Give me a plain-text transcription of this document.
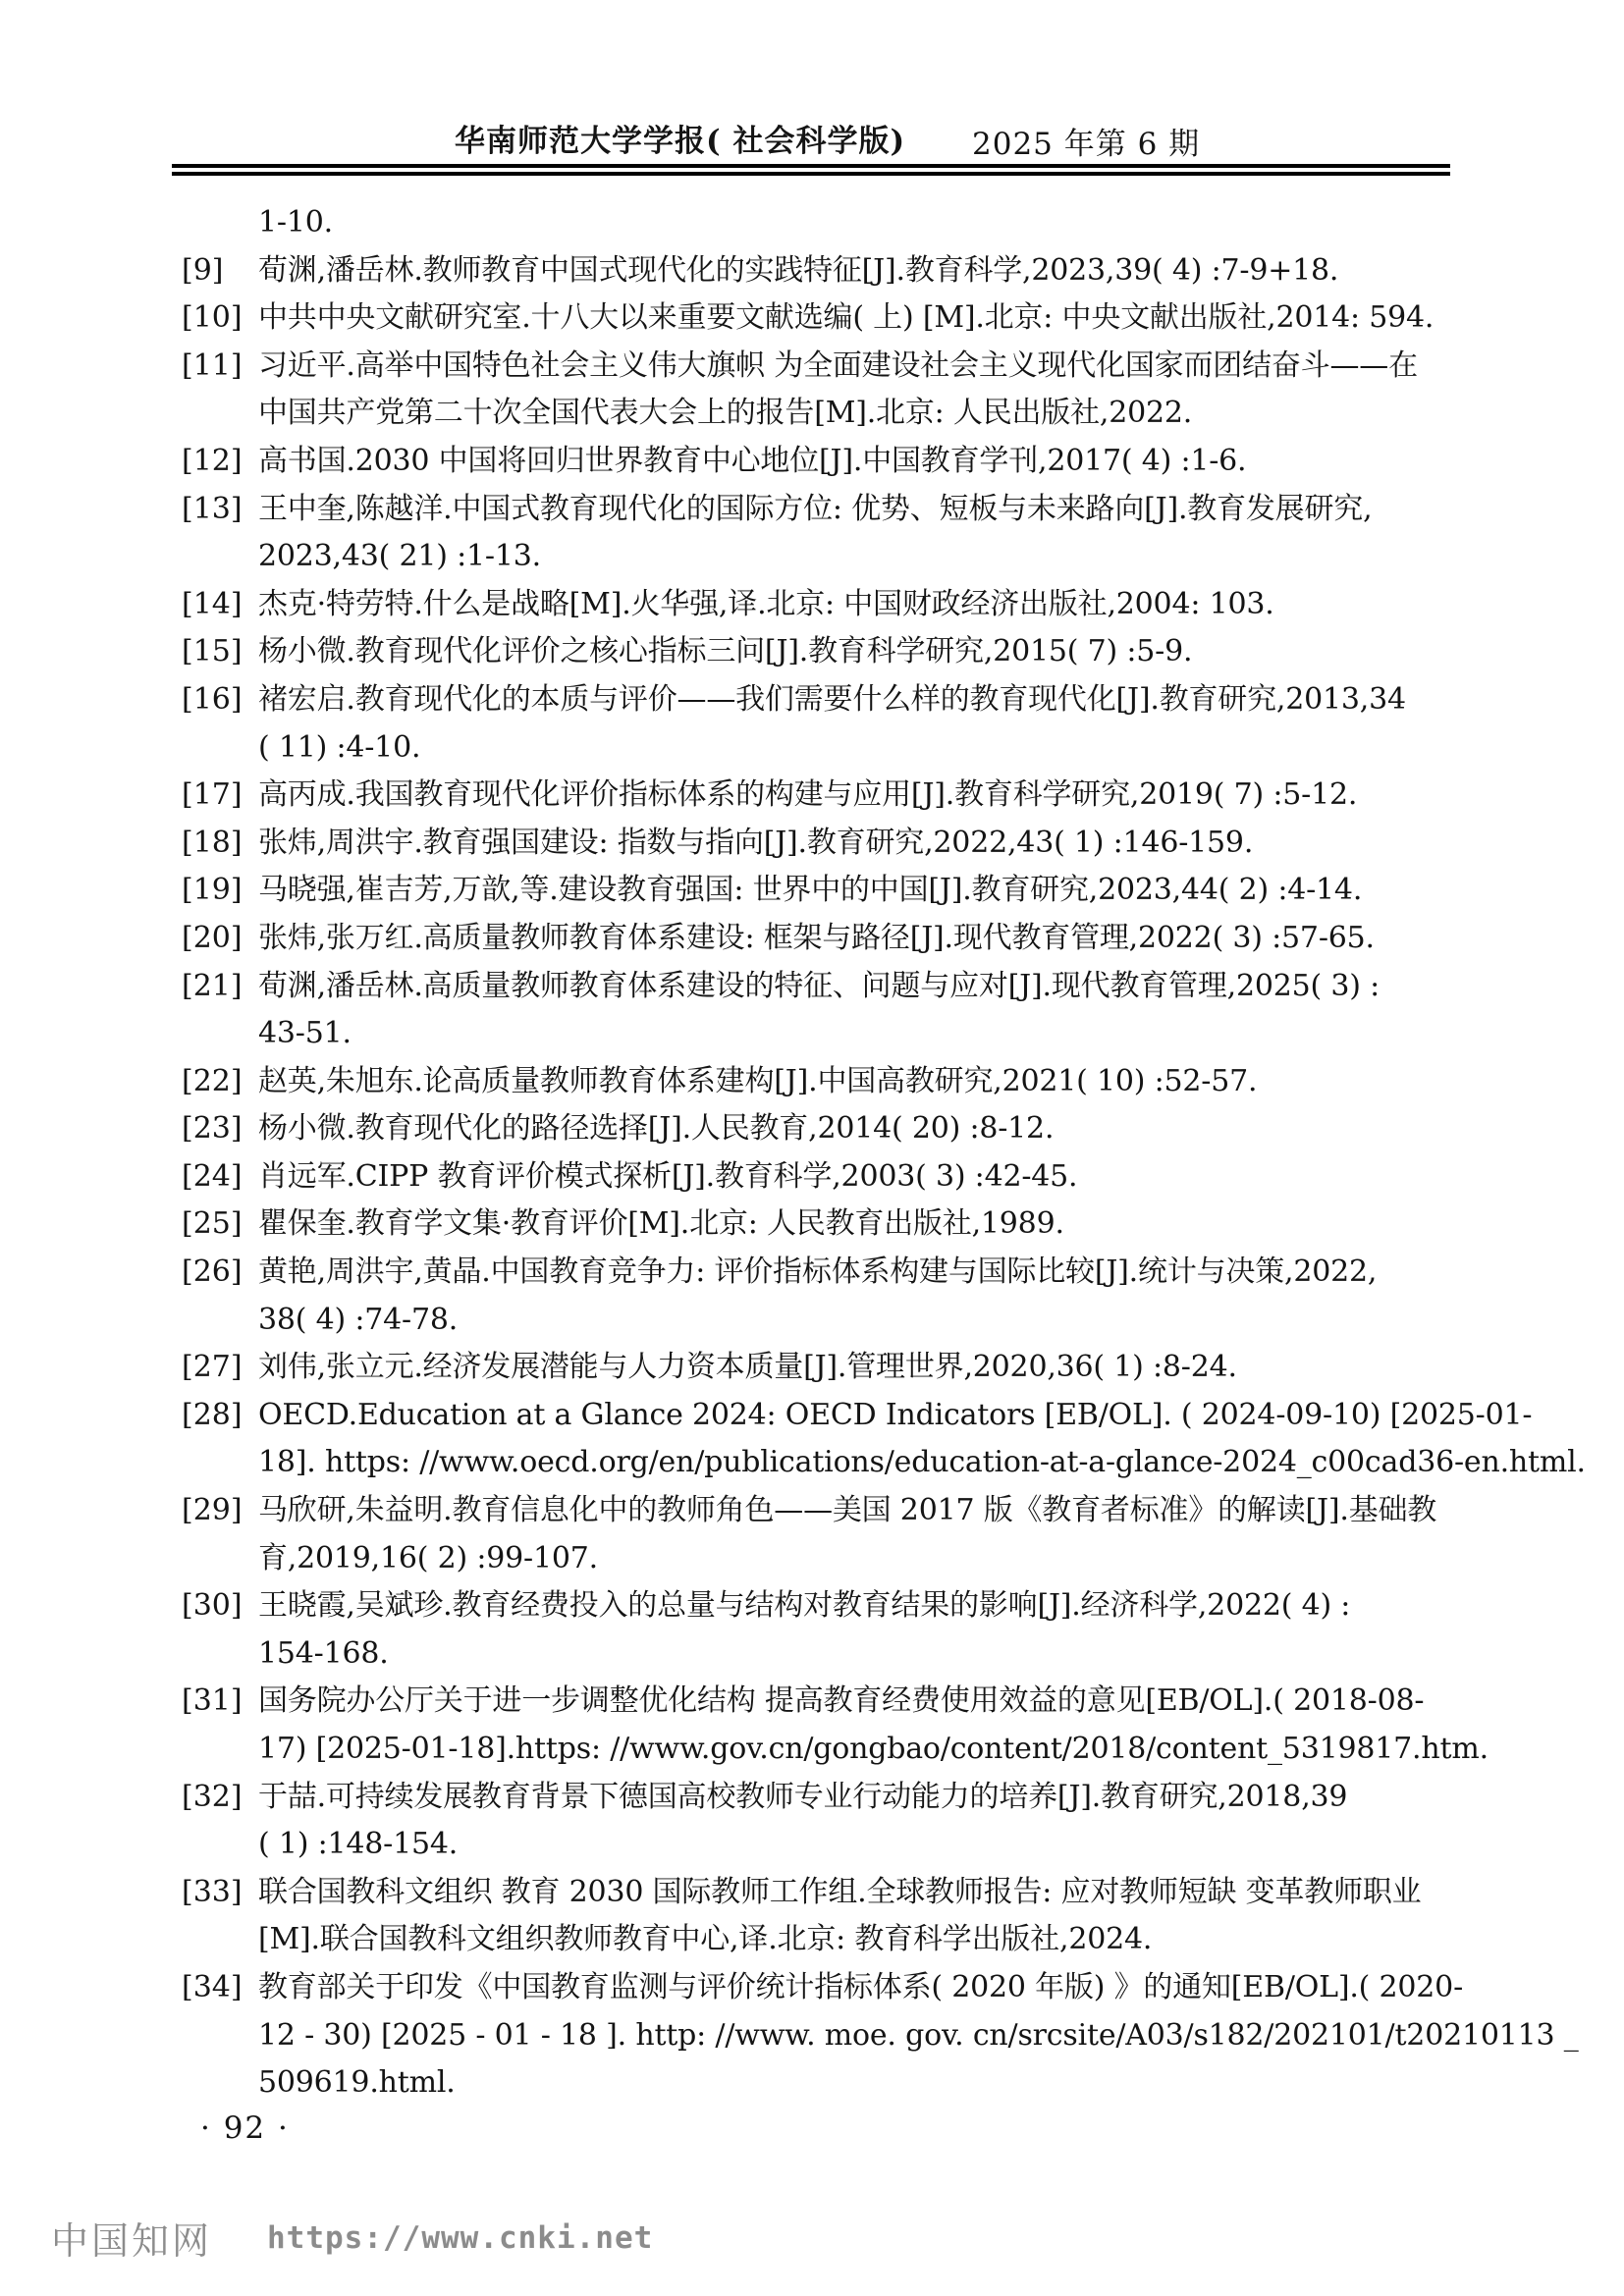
华南师范大学学报( 社会科学版) 2025 年第 6 期
1-10.
[9] 荀渊,潘岳林.教师教育中国式现代化的实践特征[J].教育科学,2023,39( 4) :7-9+18.
[10] 中共中央文献研究室.十八大以来重要文献选编( 上) [M].北京: 中央文献出版社,2014: 594.
[11] 习近平.高举中国特色社会主义伟大旗帜 为全面建设社会主义现代化国家而团结奋斗——在
中国共产党第二十次全国代表大会上的报告[M].北京: 人民出版社,2022.
[12] 高书国.2030 中国将回归世界教育中心地位[J].中国教育学刊,2017( 4) :1-6.
[13] 王中奎,陈越洋.中国式教育现代化的国际方位: 优势、短板与未来路向[J].教育发展研究,
2023,43( 21) :1-13.
[14] 杰克·特劳特.什么是战略[M].火华强,译.北京: 中国财政经济出版社,2004: 103.
[15] 杨小微.教育现代化评价之核心指标三问[J].教育科学研究,2015( 7) :5-9.
[16] 褚宏启.教育现代化的本质与评价——我们需要什么样的教育现代化[J].教育研究,2013,34
( 11) :4-10.
[17] 高丙成.我国教育现代化评价指标体系的构建与应用[J].教育科学研究,2019( 7) :5-12.
[18] 张炜,周洪宇.教育强国建设: 指数与指向[J].教育研究,2022,43( 1) :146-159.
[19] 马晓强,崔吉芳,万歆,等.建设教育强国: 世界中的中国[J].教育研究,2023,44( 2) :4-14.
[20] 张炜,张万红.高质量教师教育体系建设: 框架与路径[J].现代教育管理,2022( 3) :57-65.
[21] 荀渊,潘岳林.高质量教师教育体系建设的特征、问题与应对[J].现代教育管理,2025( 3) :
43-51.
[22] 赵英,朱旭东.论高质量教师教育体系建构[J].中国高教研究,2021( 10) :52-57.
[23] 杨小微.教育现代化的路径选择[J].人民教育,2014( 20) :8-12.
[24] 肖远军.CIPP 教育评价模式探析[J].教育科学,2003( 3) :42-45.
[25] 瞿保奎.教育学文集·教育评价[M].北京: 人民教育出版社,1989.
[26] 黄艳,周洪宇,黄晶.中国教育竞争力: 评价指标体系构建与国际比较[J].统计与决策,2022,
38( 4) :74-78.
[27] 刘伟,张立元.经济发展潜能与人力资本质量[J].管理世界,2020,36( 1) :8-24.
[28] OECD.Education at a Glance 2024: OECD Indicators [EB/OL]. ( 2024-09-10) [2025-01-
18]. https: //www.oecd.org/en/publications/education-at-a-glance-2024_c00cad36-en.html.
[29] 马欣研,朱益明.教育信息化中的教师角色——美国 2017 版《教育者标准》的解读[J].基础教
育,2019,16( 2) :99-107.
[30] 王晓霞,吴斌珍.教育经费投入的总量与结构对教育结果的影响[J].经济科学,2022( 4) :
154-168.
[31] 国务院办公厅关于进一步调整优化结构 提高教育经费使用效益的意见[EB/OL].( 2018-08-
17) [2025-01-18].https: //www.gov.cn/gongbao/content/2018/content_5319817.htm.
[32] 于喆.可持续发展教育背景下德国高校教师专业行动能力的培养[J].教育研究,2018,39
( 1) :148-154.
[33] 联合国教科文组织 教育 2030 国际教师工作组.全球教师报告: 应对教师短缺 变革教师职业
[M].联合国教科文组织教师教育中心,译.北京: 教育科学出版社,2024.
[34] 教育部关于印发《中国教育监测与评价统计指标体系( 2020 年版) 》的通知[EB/OL].( 2020-
12 - 30) [2025 - 01 - 18 ]. http: //www. moe. gov. cn/srcsite/A03/s182/202101/t20210113 _
509619.html.
· 92 ·
中国知网 https://www.cnki.net
